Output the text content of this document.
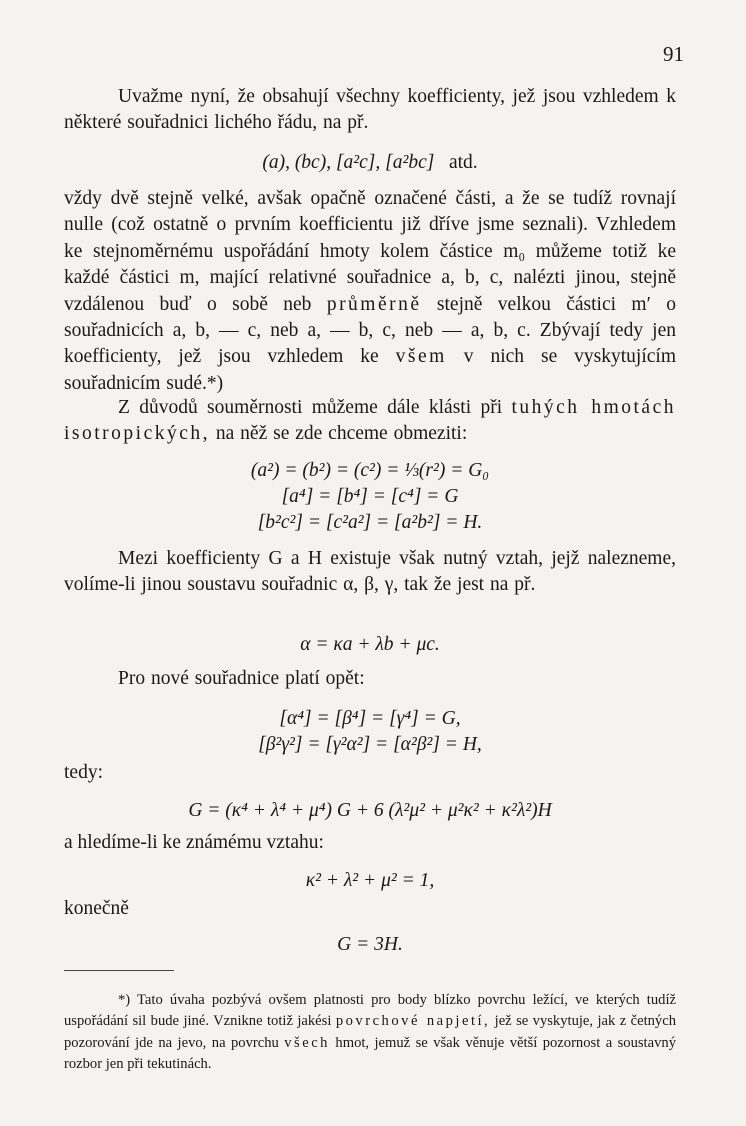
91

Uvažme nyní, že obsahují všechny koefficienty, jež jsou vzhledem k některé souřadnici lichého řádu, na př.

(a), (bc), [a²c], [a²bc] atd.

vždy dvě stejně velké, avšak opačně označené části, a že se tudíž rovnají nulle (což ostatně o prvním koefficientu již dříve jsme seznali). Vzhledem ke stejnoměrnému uspořádání hmoty kolem částice m₀ můžeme totiž ke každé částici m, mající relativné souřadnice a, b, c, nalézti jinou, stejně vzdálenou buď o sobě neb průměrně stejně velkou částici m′ o souřadnicích a, b, — c, neb a, — b, c, neb — a, b, c. Zbývají tedy jen koefficienty, jež jsou vzhledem ke všem v nich se vyskytujícím souřadnicím sudé.*)

Z důvodů souměrnosti můžeme dále klásti při tuhých hmotách isotropických, na něž se zde chceme obmeziti:

(a²) = (b²) = (c²) = ⅓(r²) = G₀
[a⁴] = [b⁴] = [c⁴] = G
[b²c²] = [c²a²] = [a²b²] = H.

Mezi koefficienty G a H existuje však nutný vztah, jejž nalezneme, volíme-li jinou soustavu souřadnic α, β, γ, tak že jest na př.

α = κa + λb + μc.

Pro nové souřadnice platí opět:

[α⁴] = [β⁴] = [γ⁴] = G,
[β²γ²] = [γ²α²] = [α²β²] = H,
tedy:
G = (κ⁴ + λ⁴ + μ⁴) G + 6 (λ²μ² + μ²κ² + κ²λ²)H
a hledíme-li ke známému vztahu:
κ² + λ² + μ² = 1,
konečně
G = 3H.

*) Tato úvaha pozbývá ovšem platnosti pro body blízko povrchu ležící, ve kterých tudíž uspořádání sil bude jiné. Vznikne totiž jakési povrchové napjetí, jež se vyskytuje, jak z četných pozorování jde na jevo, na povrchu všech hmot, jemuž se však věnuje větší pozornost a soustavný rozbor jen při tekutinách.
